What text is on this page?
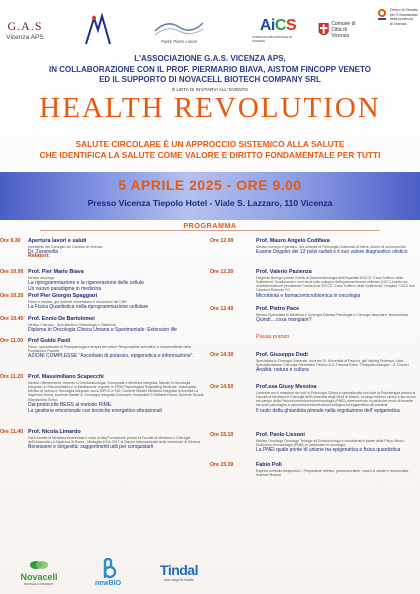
G.A.S
Vicenza APS	Padre Pietro Leone
AiCS
COMITATO PROVINCIALE DI VICENZA
Comune di
Città di Vicenza
Centro di Servizio
per il Volontariato
della provincia
di Vicenza
L'ASSOCIAZIONE G.A.S. VICENZA APS,
IN COLLABORAZIONE CON IL PROF. PIERMARIO BIAVA, AISTOM FINCOPP VENETO
ED IL SUPPORTO DI NOVACELL BIOTECH COMPANY SRL
È LIETA DI INVITARVI ALL' EVENTO
HEALTH REVOLUTION
SALUTE CIRCOLARE È UN APPROCCIO SISTEMICO ALLA SALUTE
CHE IDENTIFICA LA SALUTE COME VALORE E DIRITTO FONDAMENTALE PER TUTTI
5 APRILE 2025 - ORE 9.00
Presso Vicenza Tiepolo Hotel - Viale S. Lazzaro, 110 Vicenza
PROGRAMMA
Ore 9.30 Apertura lavori e saluti
presidente del Consiglio del Comune di Vicenza
Dr. Zaramella
Relatori:
Ore 10.00 Prof. Pier Mario Biava
Medico oncologo
La riprogrammazione e la rigenerazione delle cellule
Un nuovo paradigma in medicina
Ore 10.20 Prof Pier Giorgio Spaggiari
Fisico e medico, già docente universitario e ricercatore del CNR
La Fisica Quantistica nella riprogrammazione cellulare
Ore 10.40 Prof. Ennio De Bartolomei
Medico Chirurgo - Specialista in Ginecologia e Ostetricia
Diploma in Oncologia Clinica Umana e Sperimentale: Extension life
Ore 11.00 Prof Guido Paoli
Fisico, specializzato in Psicopatologia e terapia del dolore Responsabile scientifico e vicepresidente della Fondazione Paoletti
AZIONI COMPLESSE "Ascorbato di potassio, epigenetica e informazione".
Ore 11.20 Prof. Massimiliano Scapecchi
Medico Ulteriormente, esperto in Omotossicologia, Omeopatia e Medicina Integrata, Master in Oncologia Integrata, in Psicosomatica e in Meditazione, esperto in PRM Physiological Regulating Medicine, Naturopata, Medico di ricerca e Oncologia integrata, socio AIPCO e SIO, Docente Master Medicina Integrata Università La Sapienza Roma, Docente Master in Oncologia Integrata Consorzio Humanitas S.Raffaele Roma, Docente Scuola Microbiomia Torino
Dal protocollo BEGS al metodo RIME.
La gestione emozionale con tecniche energetico-vibrazionali
Ore 11.40 Prof. Nicola Limardo
Già Docente di Medicina Ambientale e ruolo di Aliq Formazione presso la Facoltà di Medicina e Chirurgia dell'Università La Sapienza di Roma - Medaglia d'Oro 2017 al Salone Internazionale delle Invenzioni di Ginevra
Benessere e longevità: suggerimenti utili per conquistarli
Ore 12.00	Prof. Mauro Angelo Codifava
Medico chirurgo e geriatra. Già docente di Flebologia Università di Siena. Autore di numerosi libri
Esame Doppler dei 12 polsi radiali e il suo valore diagnostico olistico
Ore 12.20	Prof. Valerio Pazienza
Dirigente Biologo presso l'Unità di Gastroenterologia dell'Ospedale IRCCS "Casa Sollievo della Sofferenza" focalizzando i suoi studi sullo sviluppo dell'epatocarcinoma cellulare (HCC) indotto da un'infiammazione persistente Fondazione IRCCS "Casa Sollievo della Sofferenza" Hospital 71013 San Giovanni Rotondo FG
Microbiota e farmacomicrobiomica in oncologia
Ore 12.40	Prof. Pietro Pace
Medico Specialista in Medicina e Chirurgia Estetica Psicologia e Chirurgia Vascolare, Nutrizionista
Quindi....cosa mangiare?
Pausa pranzo
Ore 14.30	Prof. Giuseppe Dodi
Specialista in Chirurgia Generale, docente Sr. Università di Padova, già Visiting Professor, Idea Specializzazione Chirurgia Parametrio Pelvico A.O. Padova Editor "Pelvipaleontologia" - A. Dionori
Analità: natura e cultura
Ore 14.50	Prof.ssa Giusy Messina
Laureata con il massimo dei voti in Psicologia Clinica e specializzata con lode in Psicoterapia presso la Facoltà di Medicina e Chirurgia dell'Università degli Studi di Milano, ecologo esterno clinico e sia nuova nel campo della Psiconeuroendocrinoimmunologia (PNEI), intervenendo in particolar modo di recente sia sulle psicologica e psiconeuroendocrinoimmunologica ed epigenetica dei pazienti
Il ruolo della ghiandola pineale nella regolazione dell' epigenetica
Ore 15.10	Prof. Paolo Lissoni
Medico Oncologo Oncologo Teologo ed Endocrinologo e considerato il padre della Psico-Neuro-Endocrino-Immunologia (PNEI) in particolare in oncologia
La PNEI quale ponte di unione tra epigenetica e fisica quantistica
Ore 15.30	Fabio Poli
Esperto controllo terapeutico - Preparatore atletico, personal trainer, coach di salute e nutrizionista, Scienze Motorie
Novacell
BIOTECH COMPANY	newBIO
Tindal
new ways to health
